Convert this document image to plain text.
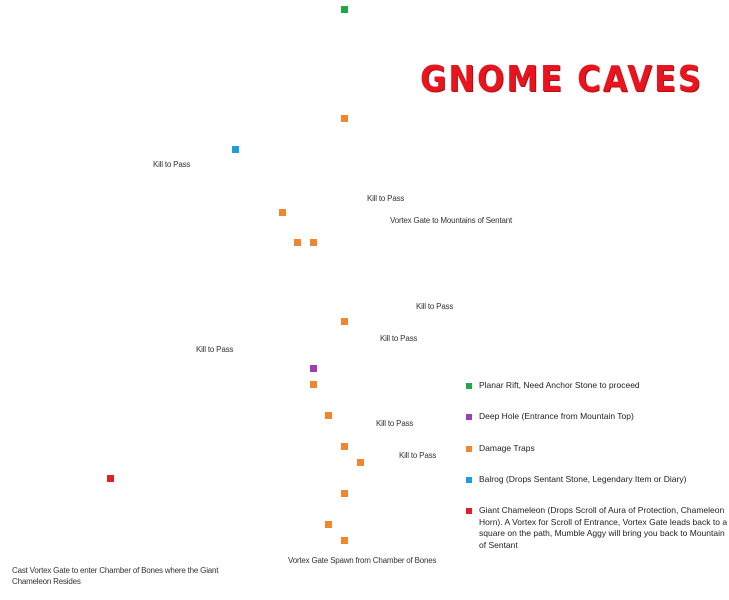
GNOME CAVES
Kill to Pass
Kill to Pass
Vortex Gate to Mountains of Sentant
Kill to Pass
Kill to Pass
Kill to Pass
Kill to Pass
Kill to Pass
Vortex Gate Spawn from Chamber of Bones
Cast Vortex Gate to enter Chamber of Bones where the Giant Chameleon Resides
Planar Rift, Need Anchor Stone to proceed
Deep Hole (Entrance from Mountain Top)
Damage Traps
Balrog (Drops Sentant Stone, Legendary Item or Diary)
Giant Chameleon (Drops Scroll of Aura of Protection, Chameleon Horn). A Vortex for Scroll of Entrance, Vortex Gate leads back to a square on the path, Mumble Aggy will bring you back to Mountain of Sentant
